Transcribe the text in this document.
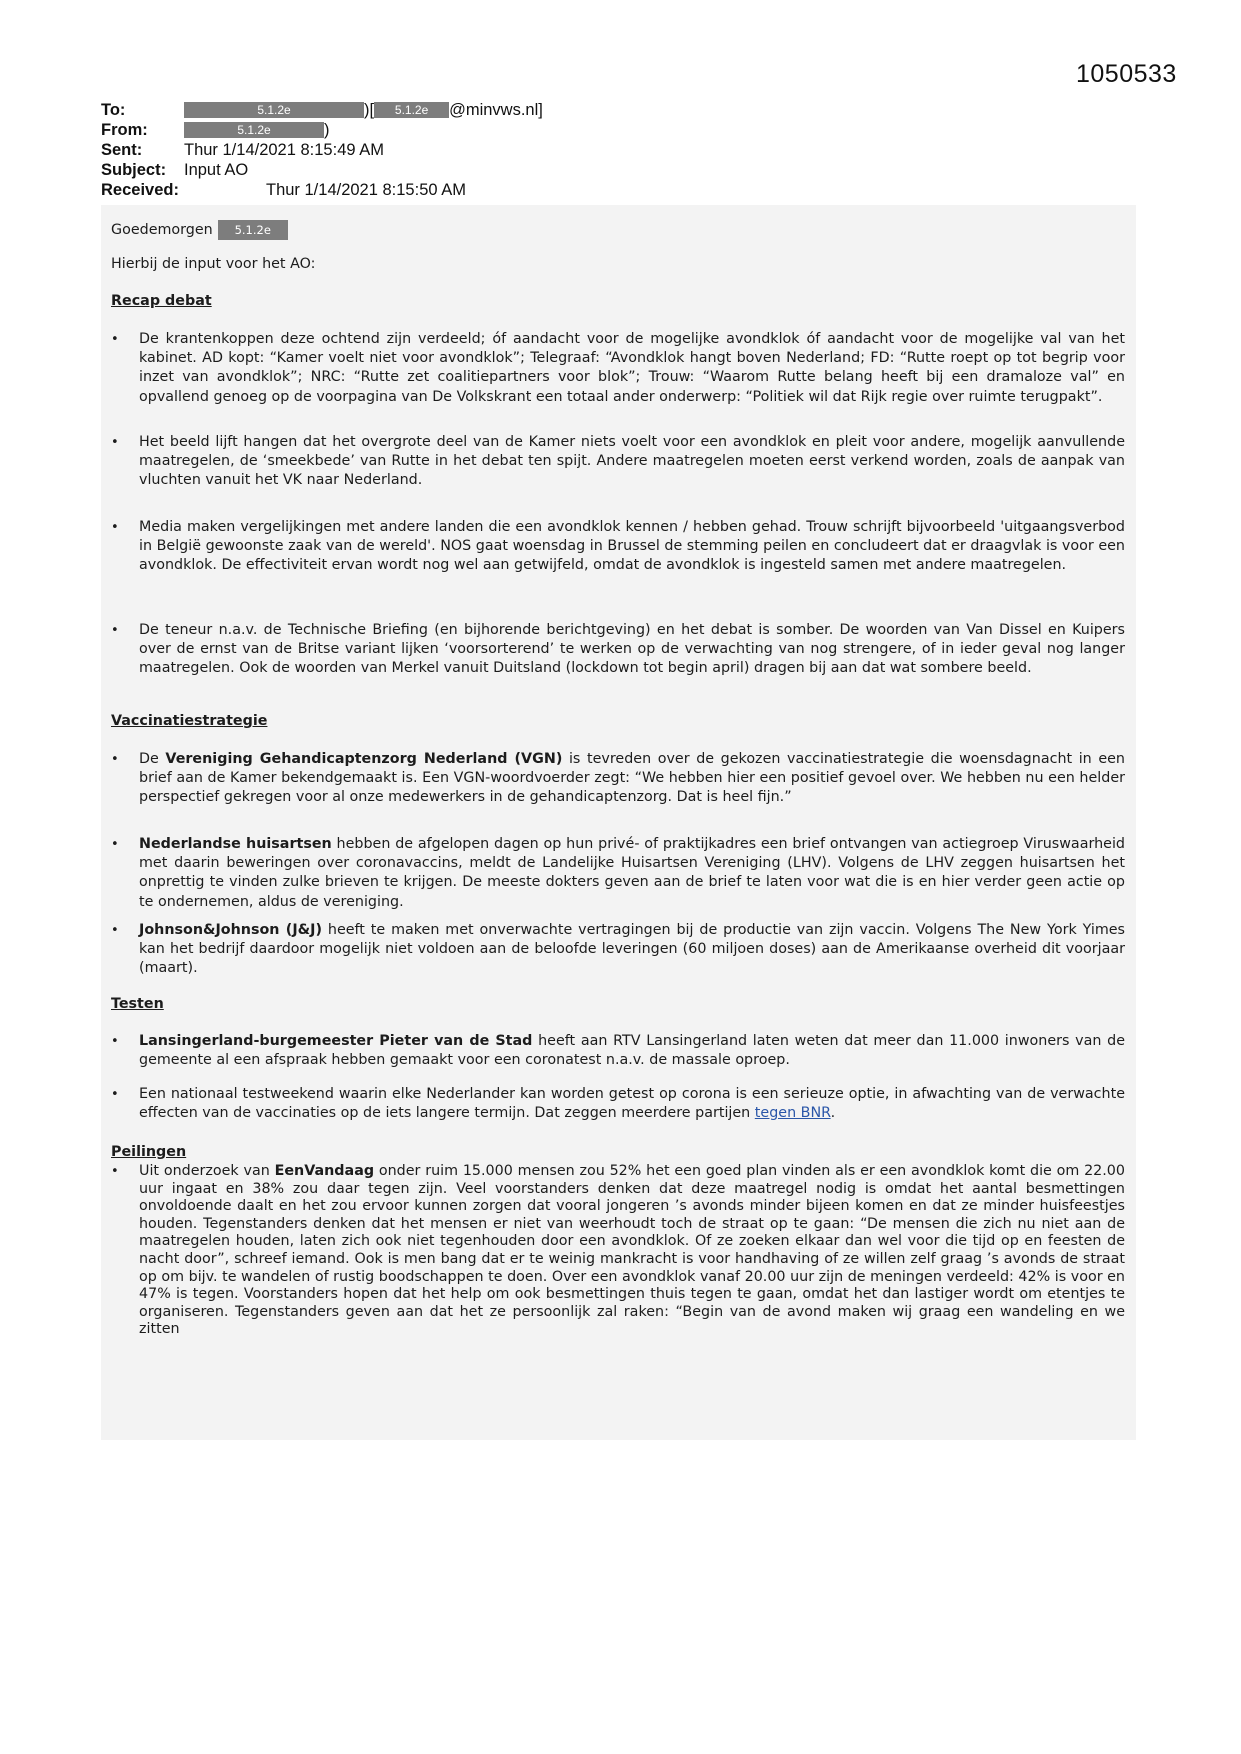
1050533
To:	5.1.2e	)[ 5.1.2e @minvws.nl]
From:	5.1.2e	)
Sent:	Thur 1/14/2021 8:15:49 AM
Subject: Input AO
Received:	Thur 1/14/2021 8:15:50 AM
Goedemorgen 5.1.2e
Hierbij de input voor het AO:
Recap debat
• De krantenkoppen deze ochtend zijn verdeeld; óf aandacht voor de mogelijke avondklok óf aandacht voor de mogelijke val van het kabinet. AD kopt: “Kamer voelt niet voor avondklok”; Telegraaf: “Avondklok hangt boven Nederland; FD: “Rutte roept op tot begrip voor inzet van avondklok”; NRC: “Rutte zet coalitiepartners voor blok”; Trouw: “Waarom Rutte belang heeft bij een dramaloze val” en opvallend genoeg op de voorpagina van De Volkskrant een totaal ander onderwerp: “Politiek wil dat Rijk regie over ruimte terugpakt”.
• Het beeld lijft hangen dat het overgrote deel van de Kamer niets voelt voor een avondklok en pleit voor andere, mogelijk aanvullende maatregelen, de ‘smeekbede’ van Rutte in het debat ten spijt. Andere maatregelen moeten eerst verkend worden, zoals de aanpak van vluchten vanuit het VK naar Nederland.
• Media maken vergelijkingen met andere landen die een avondklok kennen / hebben gehad. Trouw schrijft bijvoorbeeld 'uitgaangsverbod in België gewoonste zaak van de wereld'. NOS gaat woensdag in Brussel de stemming peilen en concludeert dat er draagvlak is voor een avondklok. De effectiviteit ervan wordt nog wel aan getwijfeld, omdat de avondklok is ingesteld samen met andere maatregelen.
• De teneur n.a.v. de Technische Briefing (en bijhorende berichtgeving) en het debat is somber. De woorden van Van Dissel en Kuipers over de ernst van de Britse variant lijken ‘voorsorterend’ te werken op de verwachting van nog strengere, of in ieder geval nog langer maatregelen. Ook de woorden van Merkel vanuit Duitsland (lockdown tot begin april) dragen bij aan dat wat sombere beeld.
Vaccinatiestrategie
• De Vereniging Gehandicaptenzorg Nederland (VGN) is tevreden over de gekozen vaccinatiestrategie die woensdagnacht in een brief aan de Kamer bekendgemaakt is. Een VGN-woordvoerder zegt: “We hebben hier een positief gevoel over. We hebben nu een helder perspectief gekregen voor al onze medewerkers in de gehandicaptenzorg. Dat is heel fijn.”
• Nederlandse huisartsen hebben de afgelopen dagen op hun privé- of praktijkadres een brief ontvangen van actiegroep Viruswaarheid met daarin beweringen over coronavaccins, meldt de Landelijke Huisartsen Vereniging (LHV). Volgens de LHV zeggen huisartsen het onprettig te vinden zulke brieven te krijgen. De meeste dokters geven aan de brief te laten voor wat die is en hier verder geen actie op te ondernemen, aldus de vereniging.
• Johnson&Johnson (J&J) heeft te maken met onverwachte vertragingen bij de productie van zijn vaccin. Volgens The New York Yimes kan het bedrijf daardoor mogelijk niet voldoen aan de beloofde leveringen (60 miljoen doses) aan de Amerikaanse overheid dit voorjaar (maart).
Testen
• Lansingerland-burgemeester Pieter van de Stad heeft aan RTV Lansingerland laten weten dat meer dan 11.000 inwoners van de gemeente al een afspraak hebben gemaakt voor een coronatest n.a.v. de massale oproep.
• Een nationaal testweekend waarin elke Nederlander kan worden getest op corona is een serieuze optie, in afwachting van de verwachte effecten van de vaccinaties op de iets langere termijn. Dat zeggen meerdere partijen tegen BNR.
Peilingen
• Uit onderzoek van EenVandaag onder ruim 15.000 mensen zou 52% het een goed plan vinden als er een avondklok komt die om 22.00 uur ingaat en 38% zou daar tegen zijn. Veel voorstanders denken dat deze maatregel nodig is omdat het aantal besmettingen onvoldoende daalt en het zou ervoor kunnen zorgen dat vooral jongeren ’s avonds minder bijeen komen en dat ze minder huisfeestjes houden. Tegenstanders denken dat het mensen er niet van weerhoudt toch de straat op te gaan: “De mensen die zich nu niet aan de maatregelen houden, laten zich ook niet tegenhouden door een avondklok. Of ze zoeken elkaar dan wel voor die tijd op en feesten de nacht door”, schreef iemand. Ook is men bang dat er te weinig mankracht is voor handhaving of ze willen zelf graag ’s avonds de straat op om bijv. te wandelen of rustig boodschappen te doen. Over een avondklok vanaf 20.00 uur zijn de meningen verdeeld: 42% is voor en 47% is tegen. Voorstanders hopen dat het help om ook besmettingen thuis tegen te gaan, omdat het dan lastiger wordt om etentjes te organiseren. Tegenstanders geven aan dat het ze persoonlijk zal raken: “Begin van de avond maken wij graag een wandeling en we zitten
